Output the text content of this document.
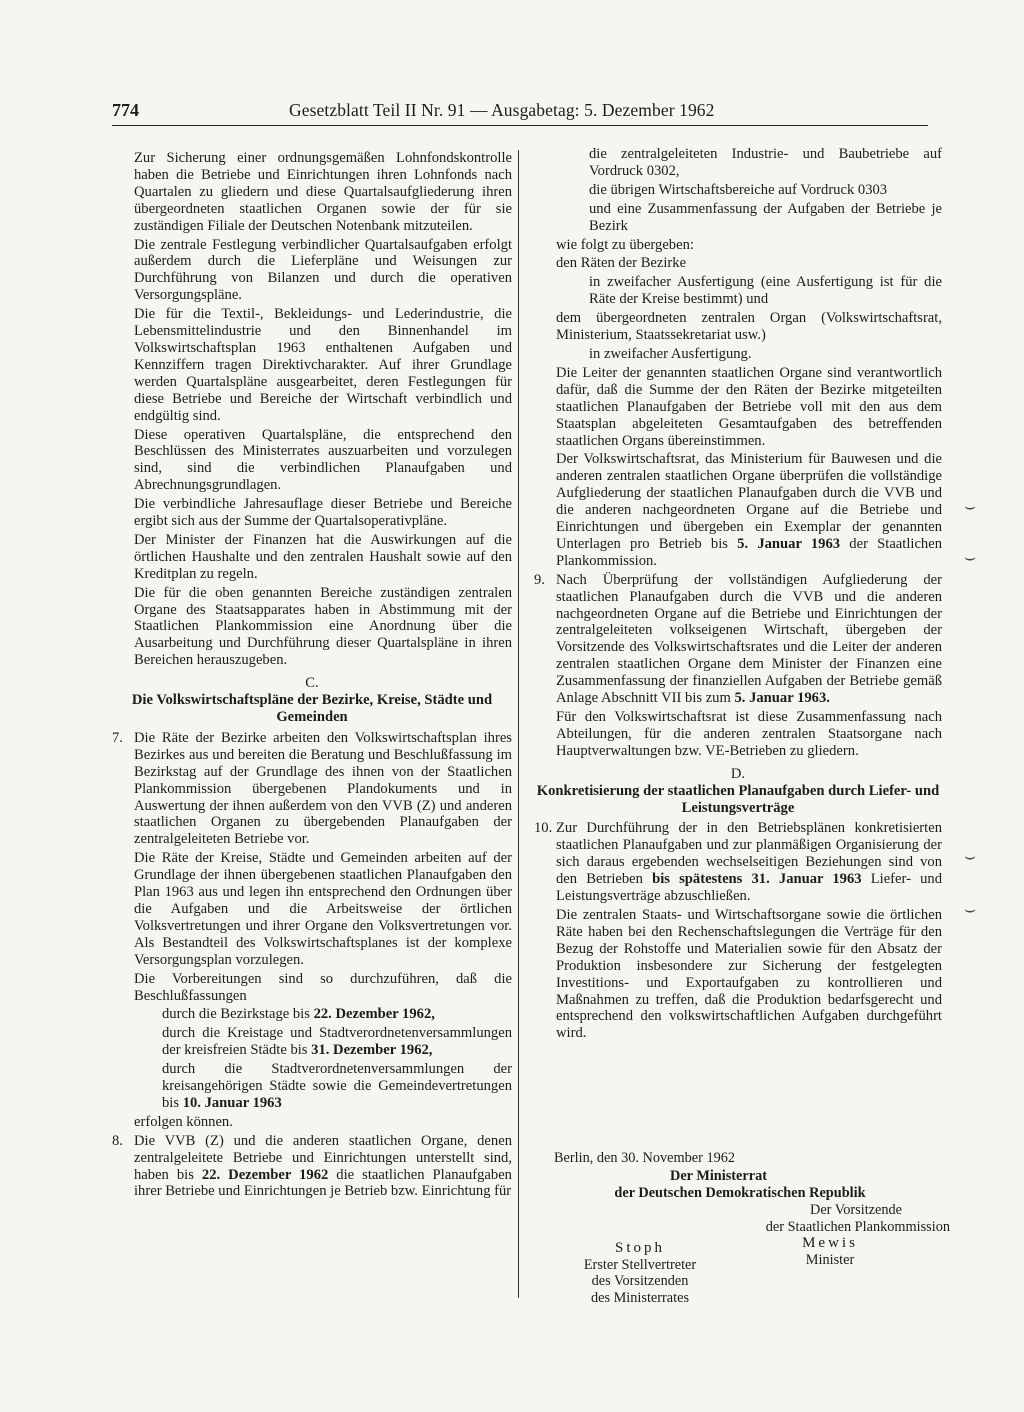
774	Gesetzblatt Teil II Nr. 91 — Ausgabetag: 5. Dezember 1962

Zur Sicherung einer ordnungsgemäßen Lohnfondskontrolle haben die Betriebe und Einrichtungen ihren Lohnfonds nach Quartalen zu gliedern und diese Quartalsaufgliederung ihren übergeordneten staatlichen Organen sowie der für sie zuständigen Filiale der Deutschen Notenbank mitzuteilen.

Die zentrale Festlegung verbindlicher Quartalsaufgaben erfolgt außerdem durch die Lieferpläne und Weisungen zur Durchführung von Bilanzen und durch die operativen Versorgungspläne.

Die für die Textil-, Bekleidungs- und Lederindustrie, die Lebensmittelindustrie und den Binnenhandel im Volkswirtschaftsplan 1963 enthaltenen Aufgaben und Kennziffern tragen Direktivcharakter. Auf ihrer Grundlage werden Quartalspläne ausgearbeitet, deren Festlegungen für diese Betriebe und Bereiche der Wirtschaft verbindlich und endgültig sind.

Diese operativen Quartalspläne, die entsprechend den Beschlüssen des Ministerrates auszuarbeiten und vorzulegen sind, sind die verbindlichen Planaufgaben und Abrechnungsgrundlagen.

Die verbindliche Jahresauflage dieser Betriebe und Bereiche ergibt sich aus der Summe der Quartalsoperativpläne.

Der Minister der Finanzen hat die Auswirkungen auf die örtlichen Haushalte und den zentralen Haushalt sowie auf den Kreditplan zu regeln.

Die für die oben genannten Bereiche zuständigen zentralen Organe des Staatsapparates haben in Abstimmung mit der Staatlichen Plankommission eine Anordnung über die Ausarbeitung und Durchführung dieser Quartalspläne in ihren Bereichen herauszugeben.

C.
Die Volkswirtschaftspläne der Bezirke, Kreise, Städte und Gemeinden
7. Die Räte der Bezirke arbeiten den Volkswirtschaftsplan ihres Bezirkes aus und bereiten die Beratung und Beschlußfassung im Bezirkstag auf der Grundlage des ihnen von der Staatlichen Plankommission übergebenen Plandokuments und in Auswertung der ihnen außerdem von den VVB (Z) und anderen staatlichen Organen zu übergebenden Planaufgaben der zentralgeleiteten Betriebe vor.

Die Räte der Kreise, Städte und Gemeinden arbeiten auf der Grundlage der ihnen übergebenen staatlichen Planaufgaben den Plan 1963 aus und legen ihn entsprechend den Ordnungen über die Aufgaben und die Arbeitsweise der örtlichen Volksvertretungen und ihrer Organe den Volksvertretungen vor. Als Bestandteil des Volkswirtschaftsplanes ist der komplexe Versorgungsplan vorzulegen.

Die Vorbereitungen sind so durchzuführen, daß die Beschlußfassungen

durch die Bezirkstage bis 22. Dezember 1962,

durch die Kreistage und Stadtverordnetenversammlungen der kreisfreien Städte bis 31. Dezember 1962,

durch die Stadtverordnetenversammlungen der kreisangehörigen Städte sowie die Gemeindevertretungen bis 10. Januar 1963

erfolgen können.

8. Die VVB (Z) und die anderen staatlichen Organe, denen zentralgeleitete Betriebe und Einrichtungen unterstellt sind, haben bis 22. Dezember 1962 die staatlichen Planaufgaben ihrer Betriebe und Einrichtungen je Betrieb bzw. Einrichtung für

die zentralgeleiteten Industrie- und Baubetriebe auf Vordruck 0302,

die übrigen Wirtschaftsbereiche auf Vordruck 0303

und eine Zusammenfassung der Aufgaben der Betriebe je Bezirk

wie folgt zu übergeben:

den Räten der Bezirke

in zweifacher Ausfertigung (eine Ausfertigung ist für die Räte der Kreise bestimmt) und

dem übergeordneten zentralen Organ (Volkswirtschaftsrat, Ministerium, Staatssekretariat usw.)

in zweifacher Ausfertigung.

Die Leiter der genannten staatlichen Organe sind verantwortlich dafür, daß die Summe der den Räten der Bezirke mitgeteilten staatlichen Planaufgaben der Betriebe voll mit den aus dem Staatsplan abgeleiteten Gesamtaufgaben des betreffenden staatlichen Organs übereinstimmen.

Der Volkswirtschaftsrat, das Ministerium für Bauwesen und die anderen zentralen staatlichen Organe überprüfen die vollständige Aufgliederung der staatlichen Planaufgaben durch die VVB und die anderen nachgeordneten Organe auf die Betriebe und Einrichtungen und übergeben ein Exemplar der genannten Unterlagen pro Betrieb bis 5. Januar 1963 der Staatlichen Plankommission.

9. Nach Überprüfung der vollständigen Aufgliederung der staatlichen Planaufgaben durch die VVB und die anderen nachgeordneten Organe auf die Betriebe und Einrichtungen der zentralgeleiteten volkseigenen Wirtschaft, übergeben der Vorsitzende des Volkswirtschaftsrates und die Leiter der anderen zentralen staatlichen Organe dem Minister der Finanzen eine Zusammenfassung der finanziellen Aufgaben der Betriebe gemäß Anlage Abschnitt VII bis zum 5. Januar 1963.

Für den Volkswirtschaftsrat ist diese Zusammenfassung nach Abteilungen, für die anderen zentralen Staatsorgane nach Hauptverwaltungen bzw. VE-Betrieben zu gliedern.

D.
Konkretisierung der staatlichen Planaufgaben durch Liefer- und Leistungsverträge
10. Zur Durchführung der in den Betriebsplänen konkretisierten staatlichen Planaufgaben und zur planmäßigen Organisierung der sich daraus ergebenden wechselseitigen Beziehungen sind von den Betrieben bis spätestens 31. Januar 1963 Liefer- und Leistungsverträge abzuschließen.

Die zentralen Staats- und Wirtschaftsorgane sowie die örtlichen Räte haben bei den Rechenschaftslegungen die Verträge für den Bezug der Rohstoffe und Materialien sowie für den Absatz der Produktion insbesondere zur Sicherung der festgelegten Investitions- und Exportaufgaben zu kontrollieren und Maßnahmen zu treffen, daß die Produktion bedarfsgerecht und entsprechend den volkswirtschaftlichen Aufgaben durchgeführt wird.

Berlin, den 30. November 1962
Der Ministerrat
der Deutschen Demokratischen Republik
Der Vorsitzende
der Staatlichen Plankommission
Stoph
Erster Stellvertreter
des Vorsitzenden
des Ministerrates
Mewis
Minister
⌣
⌣
⌣
⌣
